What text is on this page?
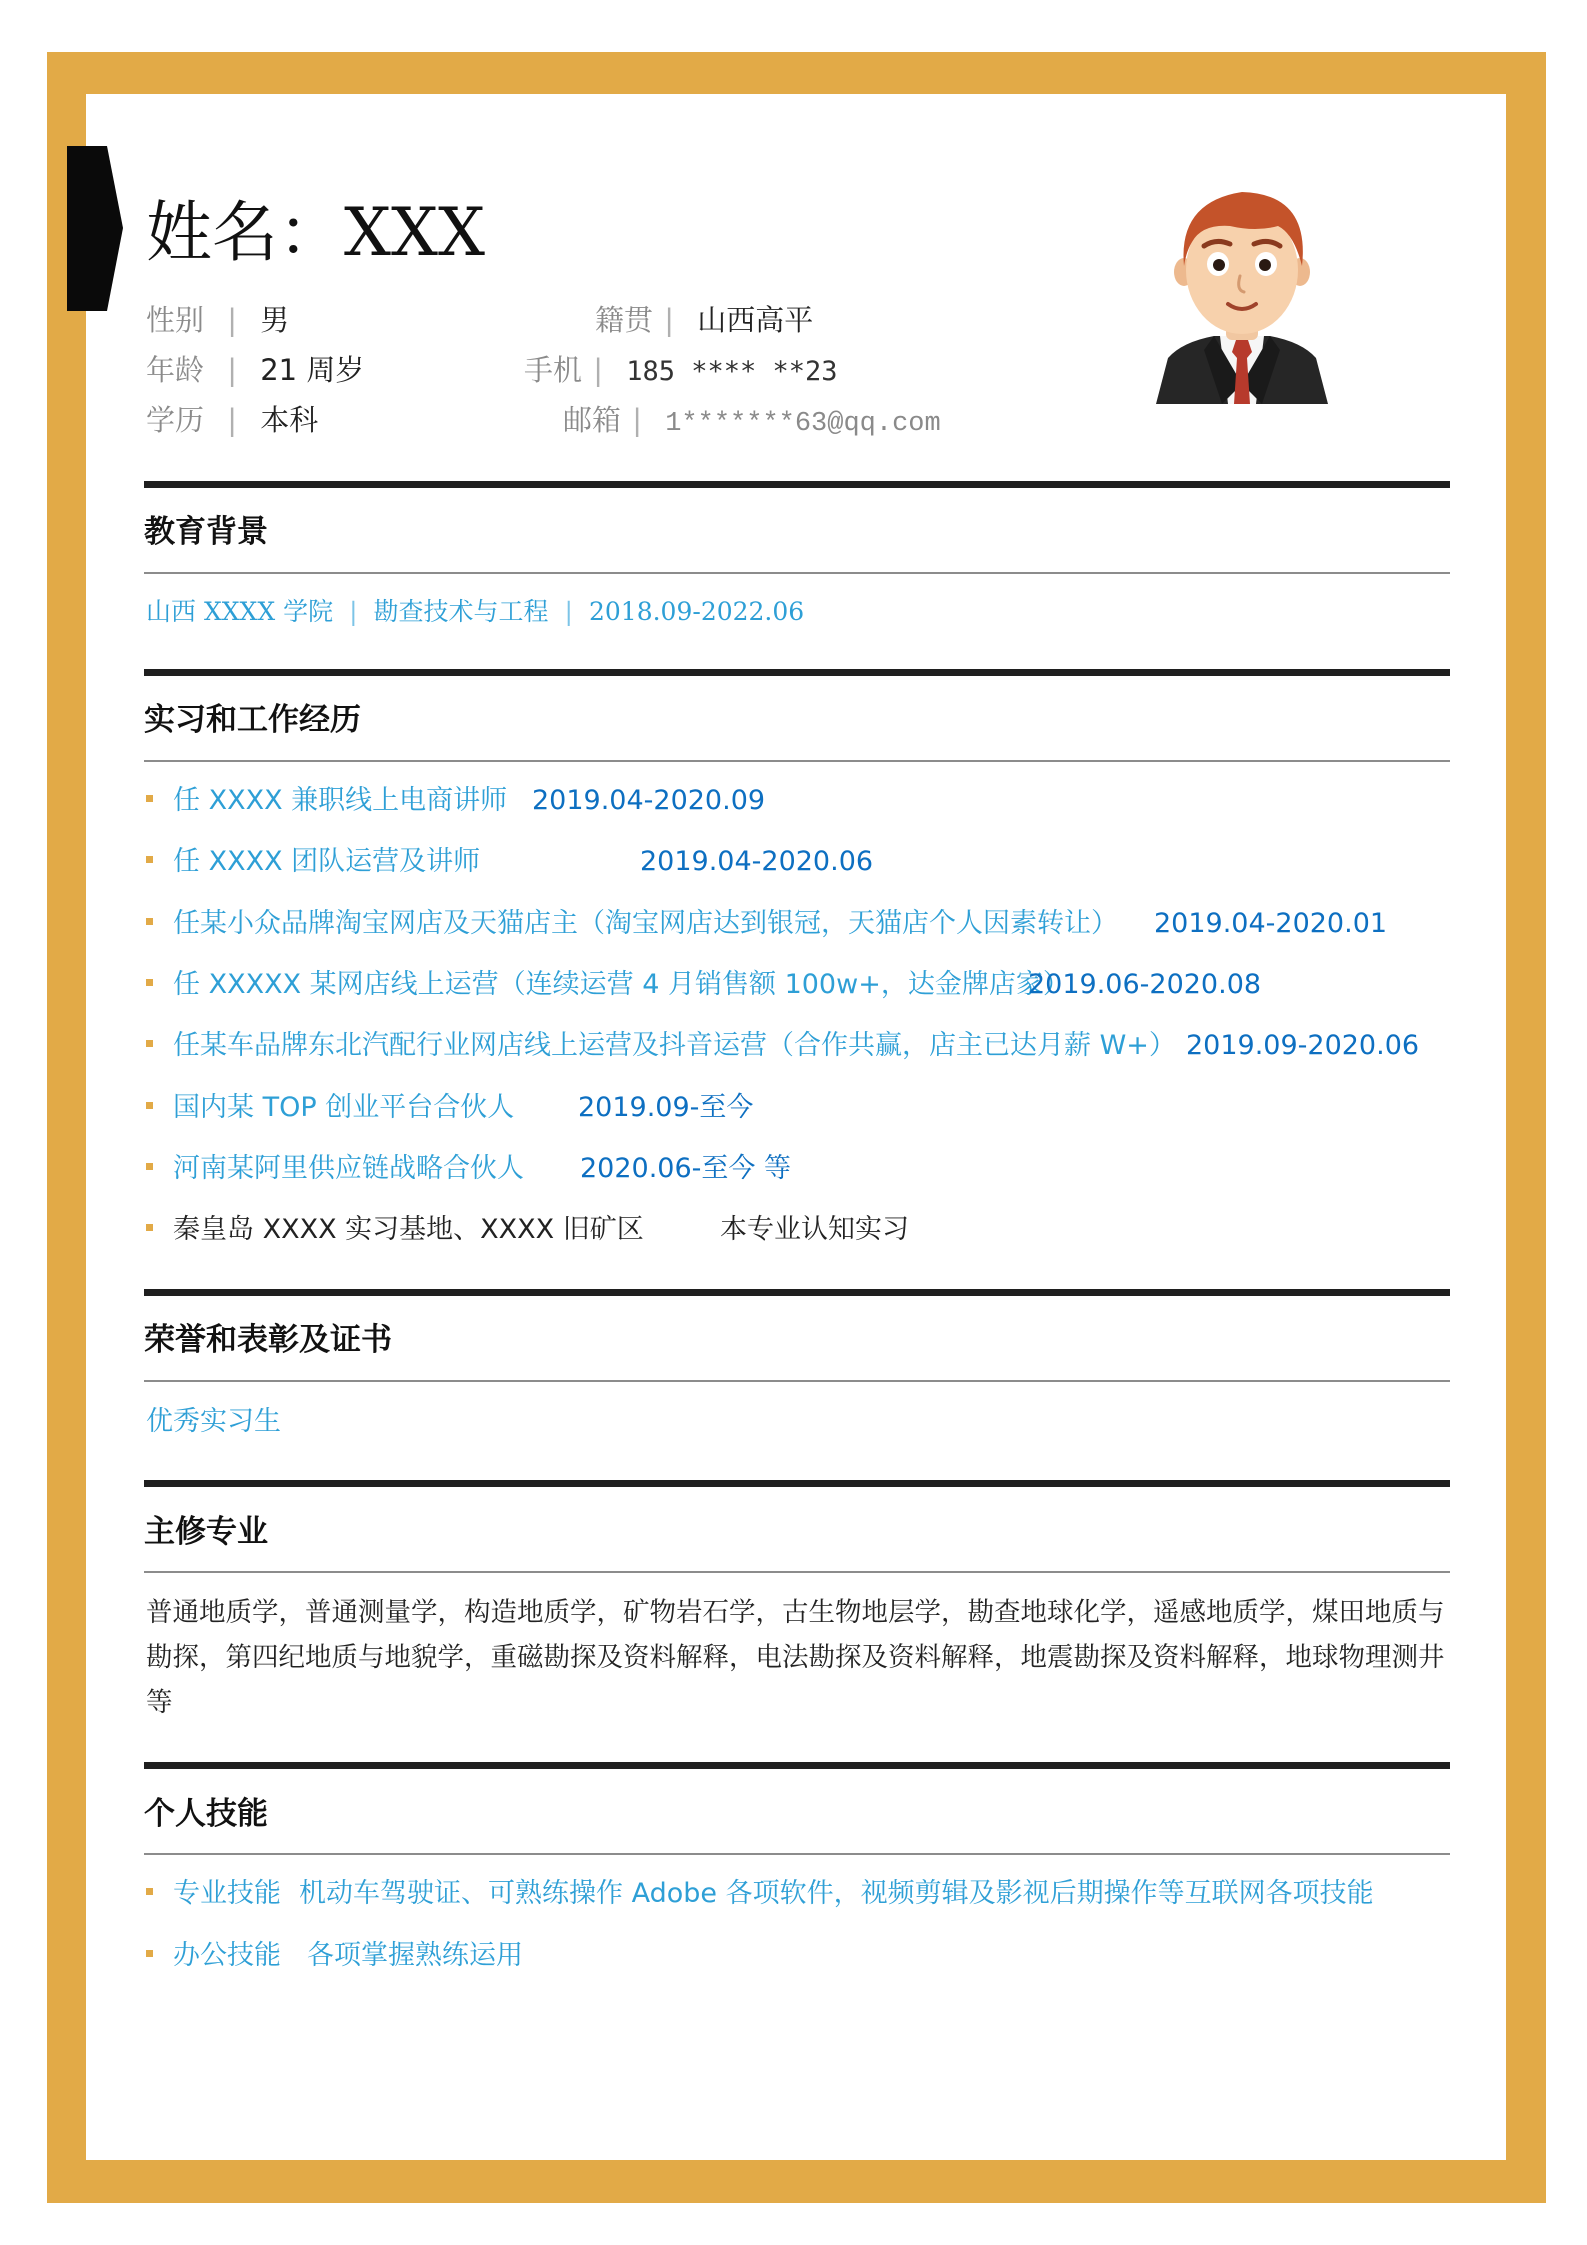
姓名：XXX
性别 | 男
年龄 | 21 周岁
学历 | 本科
籍贯 | 山西高平
手机 | 185 **** **23
邮箱 | 1*******63@qq.com
教育背景
山西 XXXX 学院 | 勘查技术与工程 | 2018.09-2022.06
实习和工作经历
任 XXXX 兼职线上电商讲师 2019.04-2020.09
任 XXXX 团队运营及讲师	2019.04-2020.06
任某小众品牌淘宝网店及天猫店主（淘宝网店达到银冠，天猫店个人因素转让） 2019.04-2020.01
任 XXXXX 某网店线上运营（连续运营 4 月销售额 100w+，达金牌店家）
2019.06-2020.08
任某车品牌东北汽配行业网店线上运营及抖音运营（合作共赢，店主已达月薪 W+） 2019.09-2020.06
国内某 TOP 创业平台合伙人 2019.09-至今
河南某阿里供应链战略合伙人 2020.06-至今 等
秦皇岛 XXXX 实习基地、XXXX 旧矿区	本专业认知实习
荣誉和表彰及证书
优秀实习生
主修专业
普通地质学，普通测量学，构造地质学，矿物岩石学，古生物地层学，勘查地球化学，遥感地质学，煤田地质与勘探，第四纪地质与地貌学，重磁勘探及资料解释，电法勘探及资料解释，地震勘探及资料解释，地球物理测井等
个人技能
专业技能 机动车驾驶证、可熟练操作 Adobe 各项软件，视频剪辑及影视后期操作等互联网各项技能
办公技能 各项掌握熟练运用
